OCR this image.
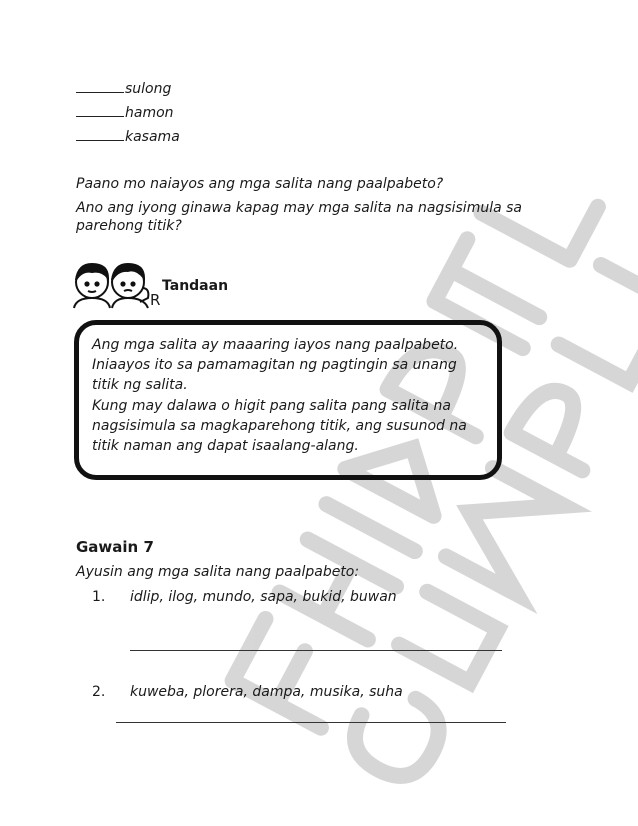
sulong
hamon
kasama
Paano mo naiayos ang mga salita nang paalpabeto?
Ano ang iyong ginawa kapag may mga salita na nagsisimula sa
parehong titik?
Tandaan
R
Ang mga salita ay maaaring iayos nang paalpabeto.
Iniaayos ito sa pamamagitan ng pagtingin sa unang
titik ng salita.
Kung may dalawa o higit pang salita pang salita na
nagsisimula sa magkaparehong titik, ang susunod na
titik naman ang dapat isaalang-alang.
Gawain 7
Ayusin ang mga salita nang paalpabeto:
1. idlip, ilog, mundo, sapa, bukid, buwan
2. kuweba, plorera, dampa, musika, suha
